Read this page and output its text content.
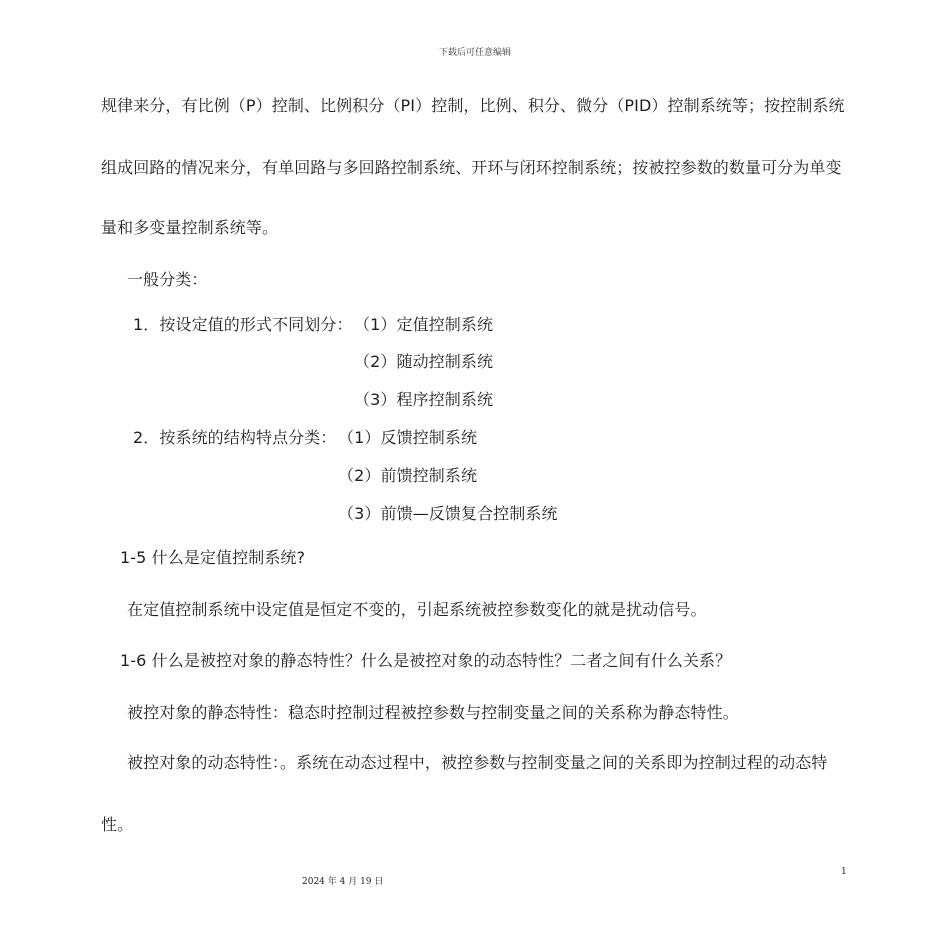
下载后可任意编辑
规律来分，有比例（P）控制、比例积分（PI）控制，比例、积分、微分（PID）控制系统等；按控制系统
组成回路的情况来分，有单回路与多回路控制系统、开环与闭环控制系统；按被控参数的数量可分为单变
量和多变量控制系统等。
一般分类：
1．按设定值的形式不同划分： （1）定值控制系统
（2）随动控制系统
（3）程序控制系统
2．按系统的结构特点分类： （1）反馈控制系统
（2）前馈控制系统
（3）前馈—反馈复合控制系统
1-5 什么是定值控制系统?
在定值控制系统中设定值是恒定不变的，引起系统被控参数变化的就是扰动信号。
1-6 什么是被控对象的静态特性？什么是被控对象的动态特性？二者之间有什么关系？
被控对象的静态特性：稳态时控制过程被控参数与控制变量之间的关系称为静态特性。
被控对象的动态特性：。系统在动态过程中，被控参数与控制变量之间的关系即为控制过程的动态特
性。
1
2024 年 4 月 19 日
